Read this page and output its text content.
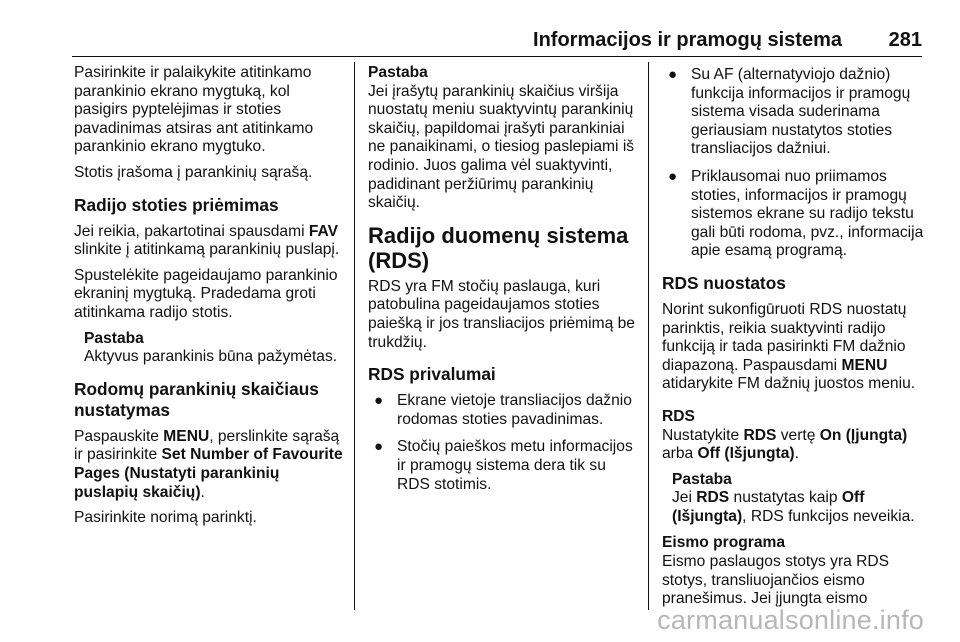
Informacijos ir pramogų sistema 281

Pasirinkite ir palaikykite atitinkamo parankinio ekrano mygtuką, kol pasigirs pyptelėjimas ir stoties pavadinimas atsiras ant atitinkamo parankinio ekrano mygtuko.

Stotis įrašoma į parankinių sąrašą.

Radijo stoties priėmimas

Jei reikia, pakartotinai spausdami FAV slinkite į atitinkamą parankinių puslapį.

Spustelėkite pageidaujamo parankinio ekraninį mygtuką. Pradedama groti atitinkama radijo stotis.

Pastaba
Aktyvus parankinis būna pažymėtas.
Rodomų parankinių skaičiaus nustatymas

Paspauskite MENU, perslinkite sąrašą ir pasirinkite Set Number of Favourite Pages (Nustatyti parankinių puslapių skaičių).

Pasirinkite norimą parinktį.

Pastaba
Jei įrašytų parankinių skaičius viršija nuostatų meniu suaktyvintų parankinių skaičių, papildomai įrašyti parankiniai ne panaikinami, o tiesiog paslepiami iš rodinio. Juos galima vėl suaktyvinti, padidinant peržiūrimų parankinių skaičių.
Radijo duomenų sistema (RDS)

RDS yra FM stočių paslauga, kuri patobulina pageidaujamos stoties paiešką ir jos transliacijos priėmimą be trukdžių.

RDS privalumai
● Ekrane vietoje transliacijos dažnio rodomas stoties pavadinimas.
● Stočių paieškos metu informacijos ir pramogų sistema dera tik su RDS stotimis.
● Su AF (alternatyviojo dažnio) funkcija informacijos ir pramogų sistema visada suderinama geriausiam nustatytos stoties transliacijos dažniui.
● Priklausomai nuo priimamos stoties, informacijos ir pramogų sistemos ekrane su radijo tekstu gali būti rodoma, pvz., informacija apie esamą programą.
RDS nuostatos

Norint sukonfigūruoti RDS nuostatų parinktis, reikia suaktyvinti radijo funkciją ir tada pasirinkti FM dažnio diapazoną. Paspausdami MENU atidarykite FM dažnių juostos meniu.

RDS

Nustatykite RDS vertę On (Įjungta) arba Off (Išjungta).

Pastaba
Jei RDS nustatytas kaip Off (Išjungta), RDS funkcijos neveikia.
Eismo programa

Eismo paslaugos stotys yra RDS stotys, transliuojančios eismo pranešimus. Jei įjungta eismo

carmanualsonline.info
